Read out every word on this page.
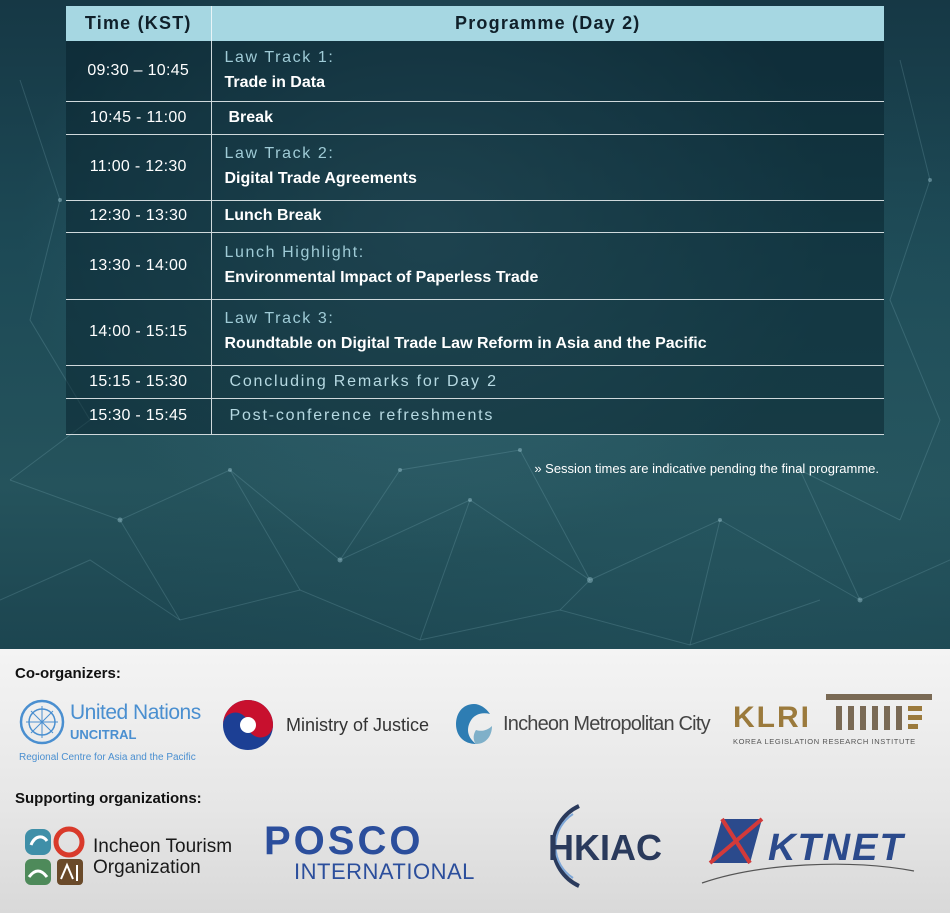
Time (KST)	Programme (Day 2)
09:30 – 10:45	Law Track 1:
Trade in Data

10:45 - 11:00	Break

11:00 - 12:30	Law Track 2:
Digital Trade Agreements

12:30 - 13:30	Lunch Break

13:30 - 14:00	Lunch Highlight:
Environmental Impact of Paperless Trade

14:00 - 15:15	Law Track 3:
Roundtable on Digital Trade Law Reform in Asia and the Pacific

15:15 - 15:30	Concluding Remarks for Day 2

15:30 - 15:45	Post-conference refreshments
» Session times are indicative pending the final programme.
Co-organizers:
United Nations
UNCITRAL
Regional Centre for Asia and the Pacific
Ministry of Justice	Incheon Metropolitan City KLRI
KOREA LEGISLATION RESEARCH INSTITUTE
Supporting organizations:
Incheon Tourism
Organization
POSCO
INTERNATIONAL
HKIAC	KTNET
